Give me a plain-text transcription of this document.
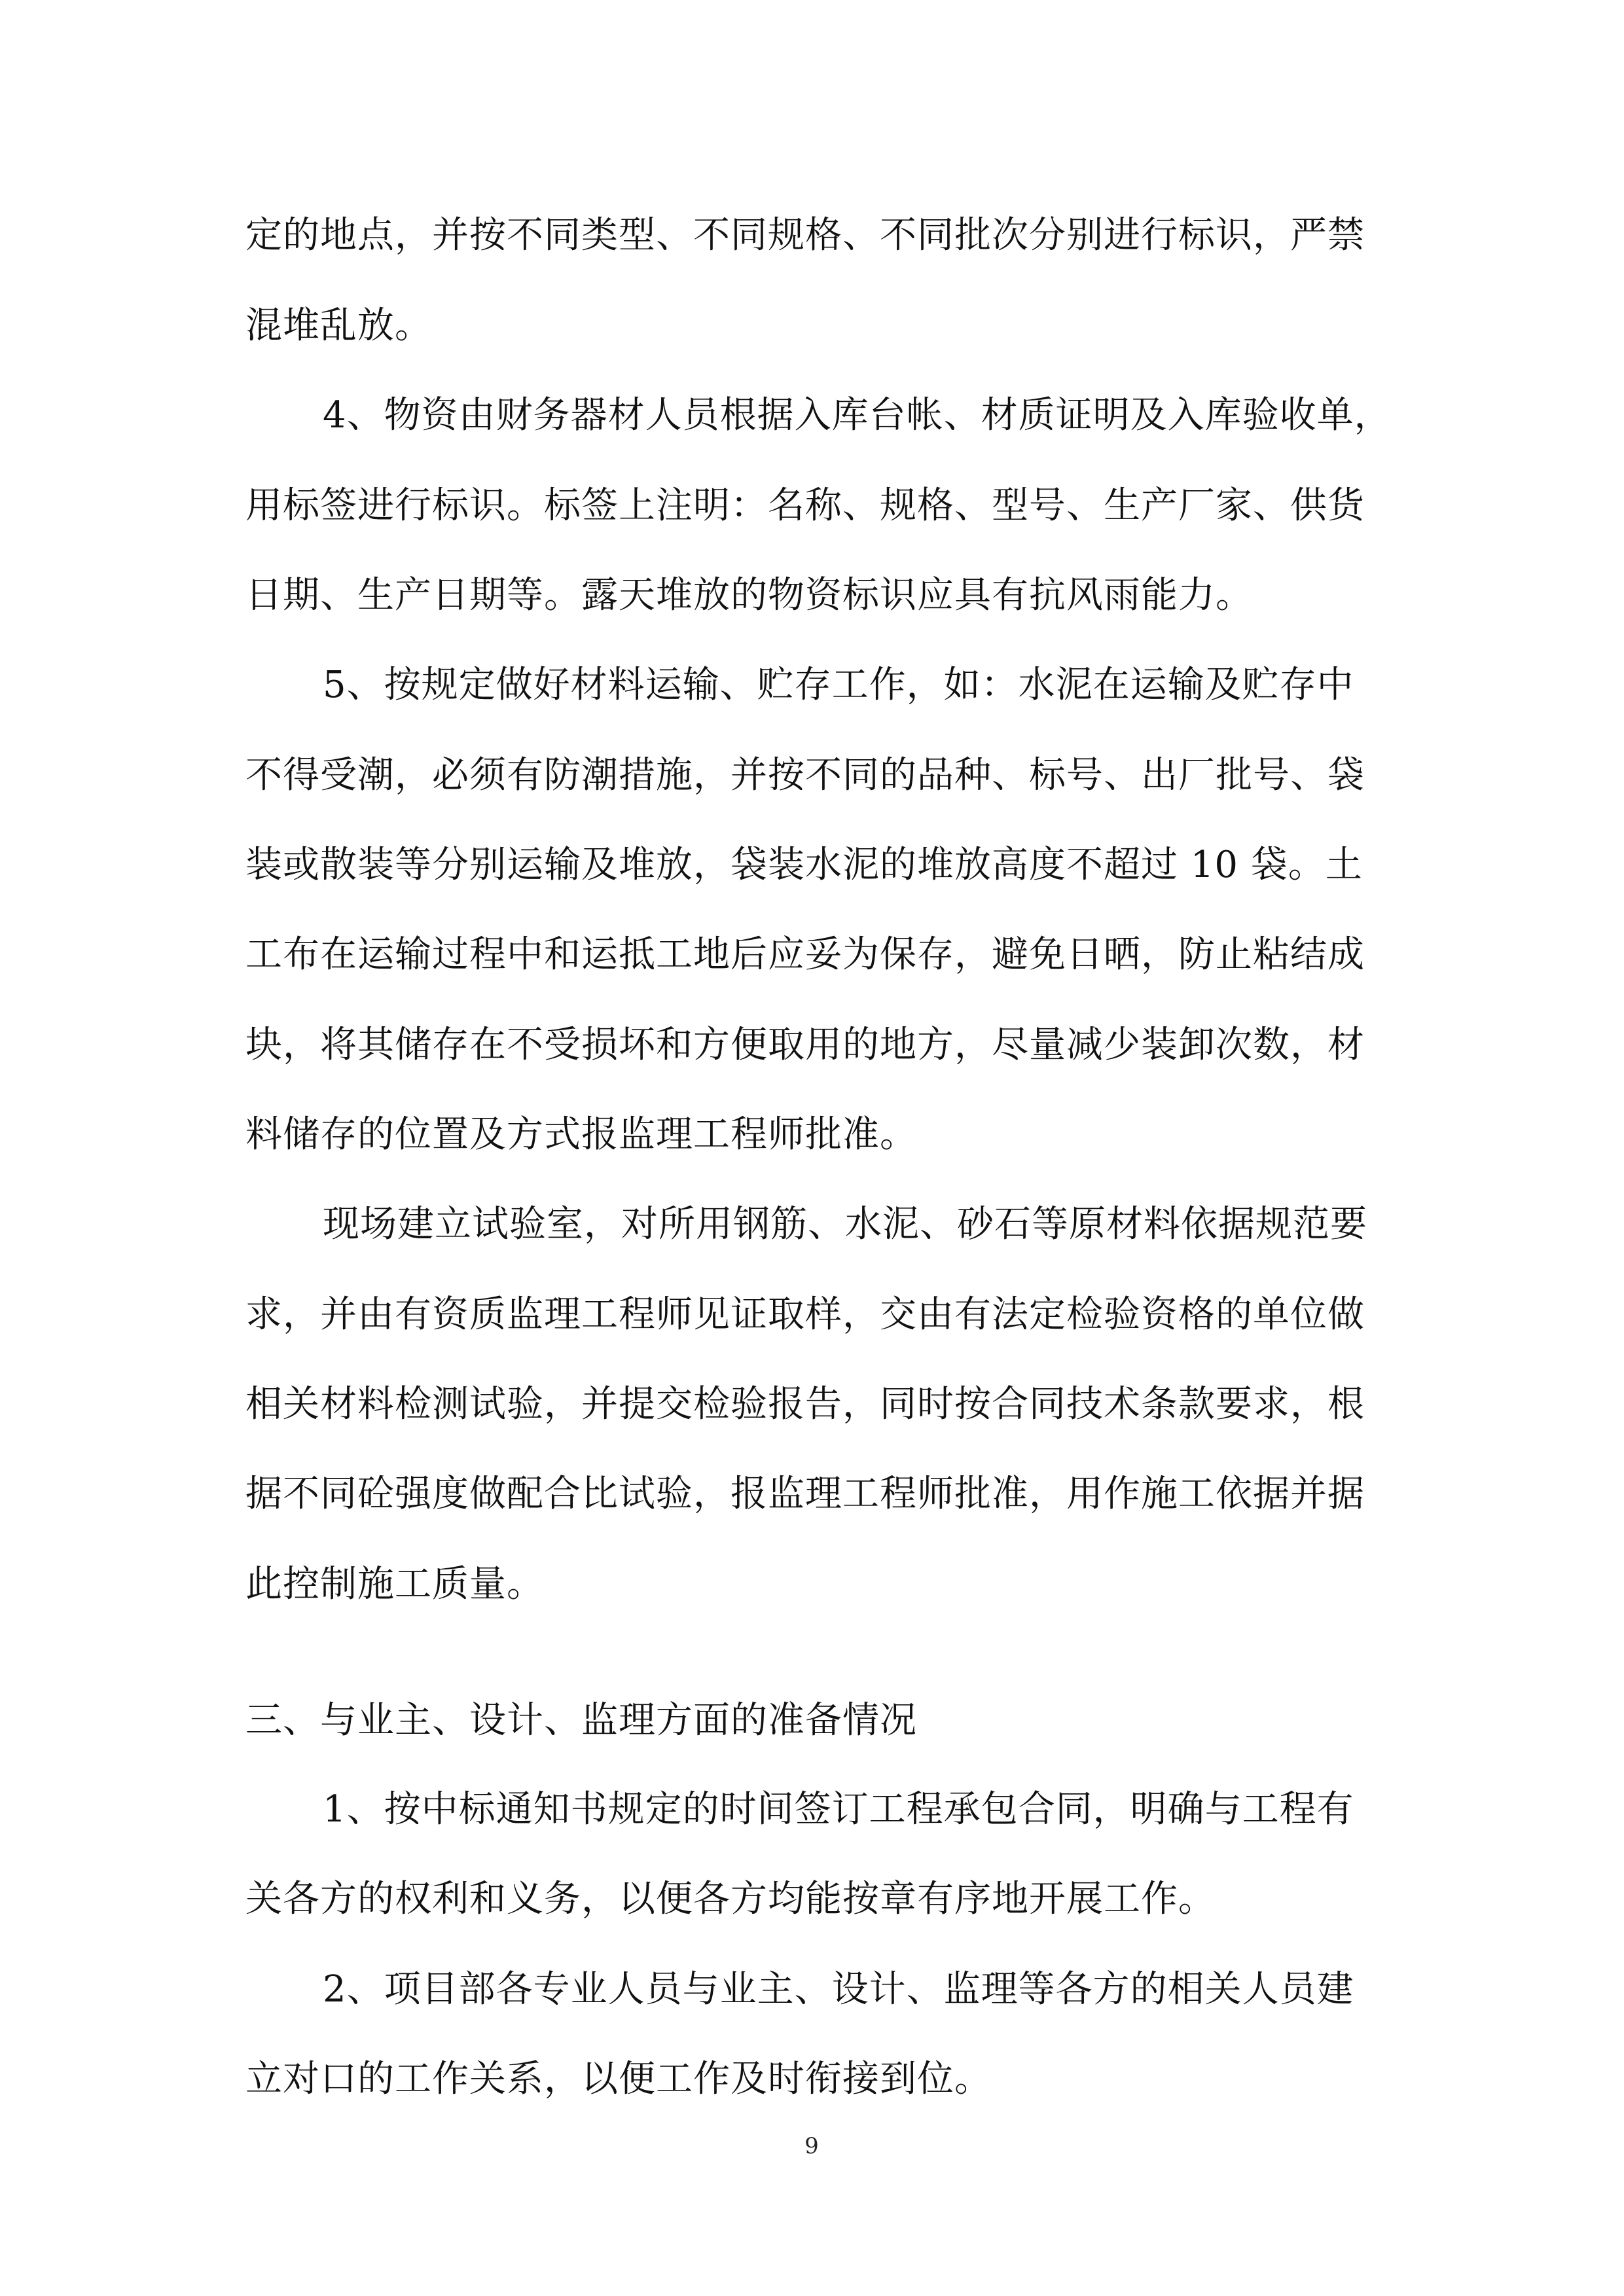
定的地点，并按不同类型、不同规格、不同批次分别进行标识，严禁
混堆乱放。
4、物资由财务器材人员根据入库台帐、材质证明及入库验收单，
用标签进行标识。标签上注明：名称、规格、型号、生产厂家、供货
日期、生产日期等。露天堆放的物资标识应具有抗风雨能力。
5、按规定做好材料运输、贮存工作，如：水泥在运输及贮存中
不得受潮，必须有防潮措施，并按不同的品种、标号、出厂批号、袋
装或散装等分别运输及堆放，袋装水泥的堆放高度不超过 10 袋。土
工布在运输过程中和运抵工地后应妥为保存，避免日晒，防止粘结成
块，将其储存在不受损坏和方便取用的地方，尽量减少装卸次数，材
料储存的位置及方式报监理工程师批准。
现场建立试验室，对所用钢筋、水泥、砂石等原材料依据规范要
求，并由有资质监理工程师见证取样，交由有法定检验资格的单位做
相关材料检测试验，并提交检验报告，同时按合同技术条款要求，根
据不同砼强度做配合比试验，报监理工程师批准，用作施工依据并据
此控制施工质量。
三、与业主、设计、监理方面的准备情况
1、按中标通知书规定的时间签订工程承包合同，明确与工程有
关各方的权利和义务，以便各方均能按章有序地开展工作。
2、项目部各专业人员与业主、设计、监理等各方的相关人员建
立对口的工作关系，以便工作及时衔接到位。
9
